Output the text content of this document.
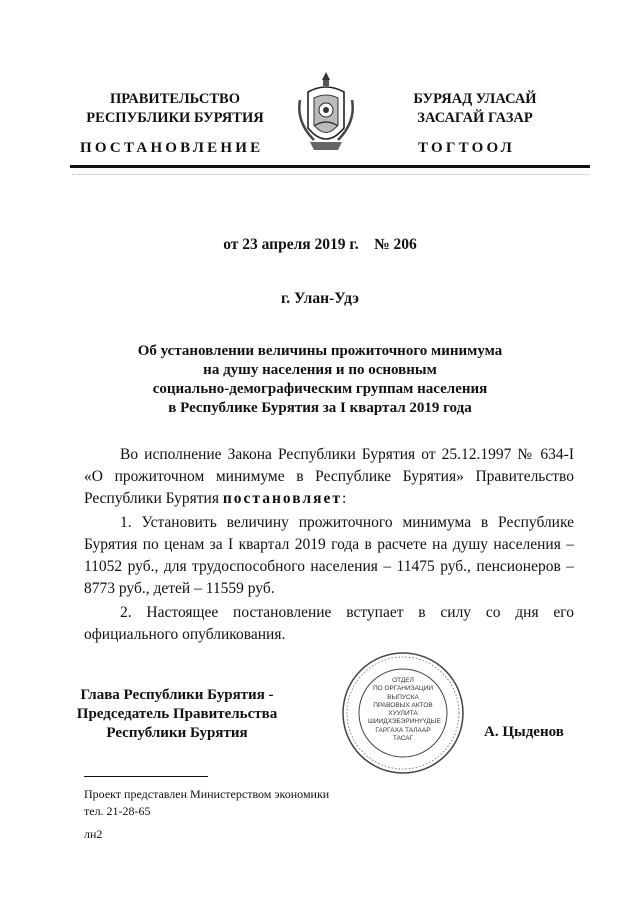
ПРАВИТЕЛЬСТВО
РЕСПУБЛИКИ БУРЯТИЯ
БУРЯАД УЛАСАЙ
ЗАСАГАЙ ГАЗАР
ПОСТАНОВЛЕНИЕ	ТОГТООЛ
от 23 апреля 2019 г.    № 206
г. Улан-Удэ
Об установлении величины прожиточного минимума
на душу населения и по основным
социально-демографическим группам населения
в Республике Бурятия за I квартал 2019 года
Во исполнение Закона Республики Бурятия от 25.12.1997 № 634-I «О прожиточном минимуме в Республике Бурятия» Правительство Республики Бурятия постановляет:
1. Установить величину прожиточного минимума в Республике Бурятия по ценам за I квартал 2019 года в расчете на душу населения – 11052 руб., для трудоспособного населения – 11475 руб., пенсионеров – 8773 руб., детей – 11559 руб.
2. Настоящее постановление вступает в силу со дня его официального опубликования.
Глава Республики Бурятия -
Председатель Правительства
Республики Бурятия
ОТДЕЛ
ПО ОРГАНИЗАЦИИ
ВЫПУСКА
ПРАВОВЫХ АКТОВ
ХУУЛИТА
ШИИДХЭБЭРИНҮҮДЫЕ
ГАРГАХА ТАЛААР
ТАСАГ	А. Цыденов
Проект представлен Министерством экономики
тел. 21-28-65
лн2
